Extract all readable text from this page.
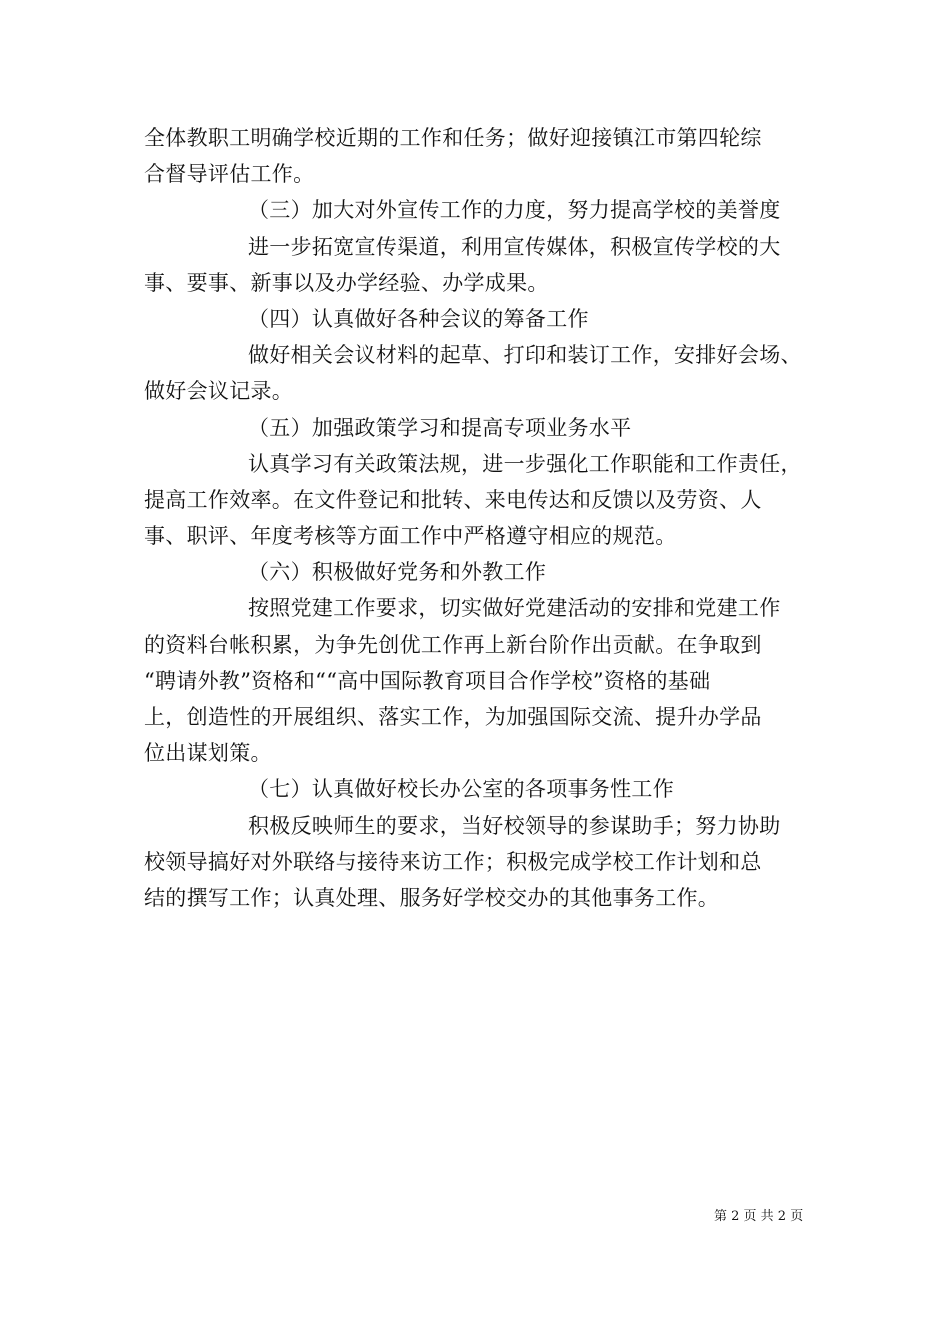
全体教职工明确学校近期的工作和任务；做好迎接镇江市第四轮综
合督导评估工作。
（三）加大对外宣传工作的力度，努力提高学校的美誉度
进一步拓宽宣传渠道，利用宣传媒体，积极宣传学校的大
事、要事、新事以及办学经验、办学成果。
（四）认真做好各种会议的筹备工作
做好相关会议材料的起草、打印和装订工作，安排好会场、
做好会议记录。
（五）加强政策学习和提高专项业务水平
认真学习有关政策法规，进一步强化工作职能和工作责任，
提高工作效率。在文件登记和批转、来电传达和反馈以及劳资、人
事、职评、年度考核等方面工作中严格遵守相应的规范。
（六）积极做好党务和外教工作
按照党建工作要求，切实做好党建活动的安排和党建工作
的资料台帐积累，为争先创优工作再上新台阶作出贡献。在争取到
“聘请外教”资格和““高中国际教育项目合作学校”资格的基础
上，创造性的开展组织、落实工作，为加强国际交流、提升办学品
位出谋划策。
（七）认真做好校长办公室的各项事务性工作
积极反映师生的要求，当好校领导的参谋助手；努力协助
校领导搞好对外联络与接待来访工作；积极完成学校工作计划和总
结的撰写工作；认真处理、服务好学校交办的其他事务工作。
第 2 页 共 2 页
